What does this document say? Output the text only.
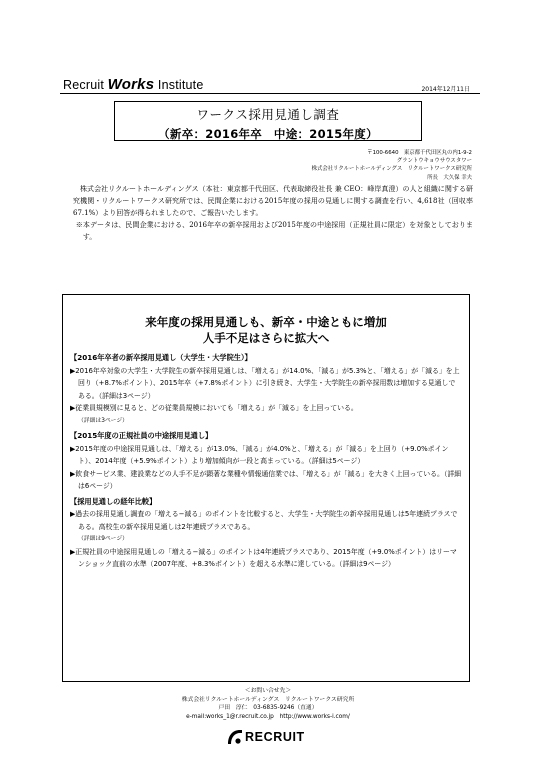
Recruit Works Institute	2014年12月11日
ワークス採用見通し調査
（新卒：2016年卒　中途：2015年度）
〒100-6640　東京都千代田区丸の内1-9-2
グラントウキョウサウスタワー
株式会社リクルートホールディングス　リクルートワークス研究所
所長　大久保 幸夫

株式会社リクルートホールディングス（本社：東京都千代田区、代表取締役社長 兼 CEO：峰岸真澄）の人と組織に関する研究機関・リクルートワークス研究所では、民間企業における2015年度の採用の見通しに関する調査を行い、4,618社（回収率67.1%）より回答が得られましたので、ご報告いたします。

※本データは、民間企業における、2016年卒の新卒採用および2015年度の中途採用（正規社員に限定）を対象としております。

来年度の採用見通しも、新卒・中途ともに増加
人手不足はさらに拡大へ
【2016年卒者の新卒採用見通し（大学生・大学院生）】

▶2016年卒対象の大学生・大学院生の新卒採用見通しは、「増える」が14.0%、「減る」が5.3%と、「増える」が「減る」を上回り（+8.7%ポイント）、2015年卒（+7.8%ポイント）に引き続き、大学生・大学院生の新卒採用数は増加する見通しである。（詳細は3ページ）

▶従業員規模別に見ると、どの従業員規模においても「増える」が「減る」を上回っている。

（詳細は3ページ）

【2015年度の正規社員の中途採用見通し】

▶2015年度の中途採用見通しは、「増える」が13.0%、「減る」が4.0%と、「増える」が「減る」を上回り（+9.0%ポイント）、2014年度（+5.9%ポイント）より増加傾向が一段と高まっている。（詳細は5ページ）

▶飲食サービス業、建設業などの人手不足が顕著な業種や情報通信業では、「増える」が「減る」を大きく上回っている。（詳細は6ページ）

【採用見通しの経年比較】

▶過去の採用見通し調査の「増える−減る」のポイントを比較すると、大学生・大学院生の新卒採用見通しは5年連続プラスである。高校生の新卒採用見通しは2年連続プラスである。

（詳細は9ページ）

▶正規社員の中途採用見通しの「増える−減る」のポイントは4年連続プラスであり、2015年度（+9.0%ポイント）はリーマンショック直前の水準（2007年度、+8.3%ポイント）を超える水準に達している。（詳細は9ページ）

＜お問い合せ先＞
株式会社リクルートホールディングス　リクルートワークス研究所
戸田　淳仁　03-6835-9246（直通）
e-mail:works_1@r.recruit.co.jp　http://www.works-i.com/
RECRUIT
